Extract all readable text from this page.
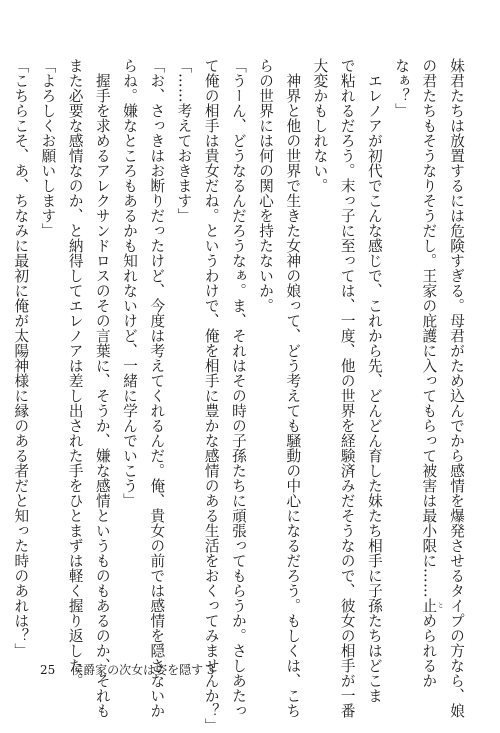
妹君たちは放置するには危険すぎる。母君がため込んでから感情を爆発させるタイプの方なら、娘
の君たちもそうなりそうだし。王家の庇護に入ってもらって被害は最小限に……止 とめられるか
なぁ？」
　エレノアが初代でこんな感じで、これから先、どんどん育した妹たち相手に子孫たちはどこま
で粘れるだろう。末っ子に至っては、一度、他の世界を経験済みだそうなので、彼女の相手が一番
大変かもしれない。
　神界と他の世界で生きた女神の娘って、どう考えても騒動の中心になるだろう。もしくは、こち
らの世界には何の関心を持たないか。
「うーん、どうなるんだろうなぁ。ま、それはその時の子孫たちに頑張ってもらうか。さしあたっ
て俺の相手は貴女だね。というわけで、俺を相手に豊かな感情のある生活をおくってみませんか？」
「……考えておきます」
「お、さっきはお断りだったけど、今度は考えてくれるんだ。俺、貴女の前では感情を隠さないか
らね。嫌なところもあるかも知れないけど、一緒に学んでいこう」
　握手を求めるアレクサンドロスのその言葉に、そうか、嫌な感情というものもあるのか、それも
また必要な感情なのか、と納得してエレノアは差し出された手をひとまずは軽く握り返した。
「よろしくお願いします」
「こちらこそ、あ、ちなみに最初に俺が太陽神様に縁のある者だと知った時のあれは？」
25 侯爵家の次女は姿を隠す 3
